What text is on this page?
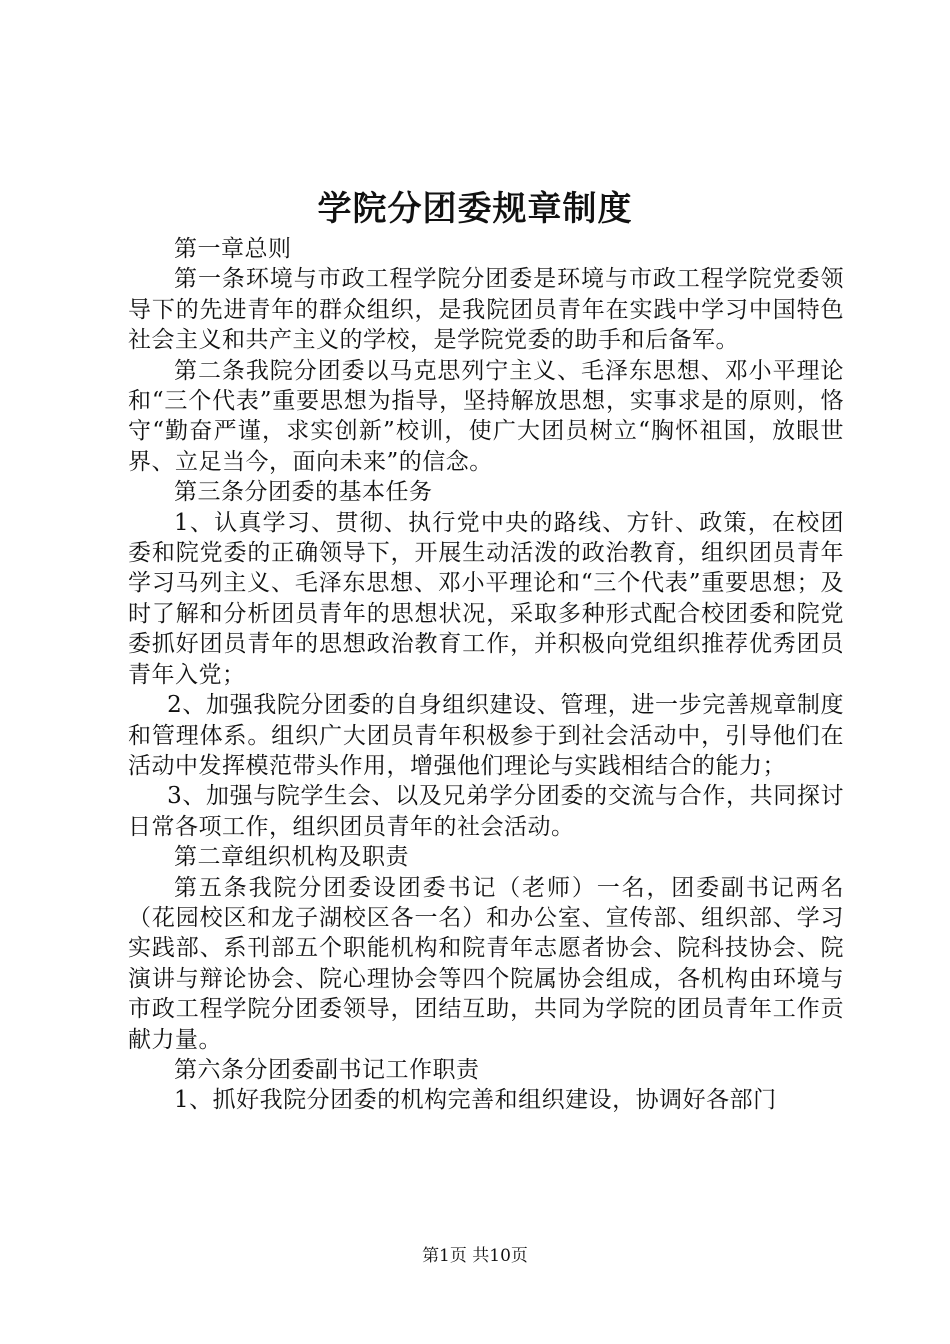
学院分团委规章制度

第一章总则

第一条环境与市政工程学院分团委是环境与市政工程学院党委领导下的先进青年的群众组织，是我院团员青年在实践中学习中国特色社会主义和共产主义的学校，是学院党委的助手和后备军。

第二条我院分团委以马克思列宁主义、毛泽东思想、邓小平理论和“三个代表”重要思想为指导，坚持解放思想，实事求是的原则，恪守“勤奋严谨，求实创新”校训，使广大团员树立“胸怀祖国，放眼世界、立足当今，面向未来”的信念。

第三条分团委的基本任务

1、认真学习、贯彻、执行党中央的路线、方针、政策，在校团委和院党委的正确领导下，开展生动活泼的政治教育，组织团员青年学习马列主义、毛泽东思想、邓小平理论和“三个代表”重要思想；及时了解和分析团员青年的思想状况，采取多种形式配合校团委和院党委抓好团员青年的思想政治教育工作，并积极向党组织推荐优秀团员青年入党；

2、加强我院分团委的自身组织建设、管理，进一步完善规章制度和管理体系。组织广大团员青年积极参于到社会活动中，引导他们在活动中发挥模范带头作用，增强他们理论与实践相结合的能力；

3、加强与院学生会、以及兄弟学分团委的交流与合作，共同探讨日常各项工作，组织团员青年的社会活动。

第二章组织机构及职责

第五条我院分团委设团委书记（老师）一名，团委副书记两名（花园校区和龙子湖校区各一名）和办公室、宣传部、组织部、学习实践部、系刊部五个职能机构和院青年志愿者协会、院科技协会、院演讲与辩论协会、院心理协会等四个院属协会组成，各机构由环境与市政工程学院分团委领导，团结互助，共同为学院的团员青年工作贡献力量。

第六条分团委副书记工作职责

1、抓好我院分团委的机构完善和组织建设，协调好各部门

第1页 共10页
